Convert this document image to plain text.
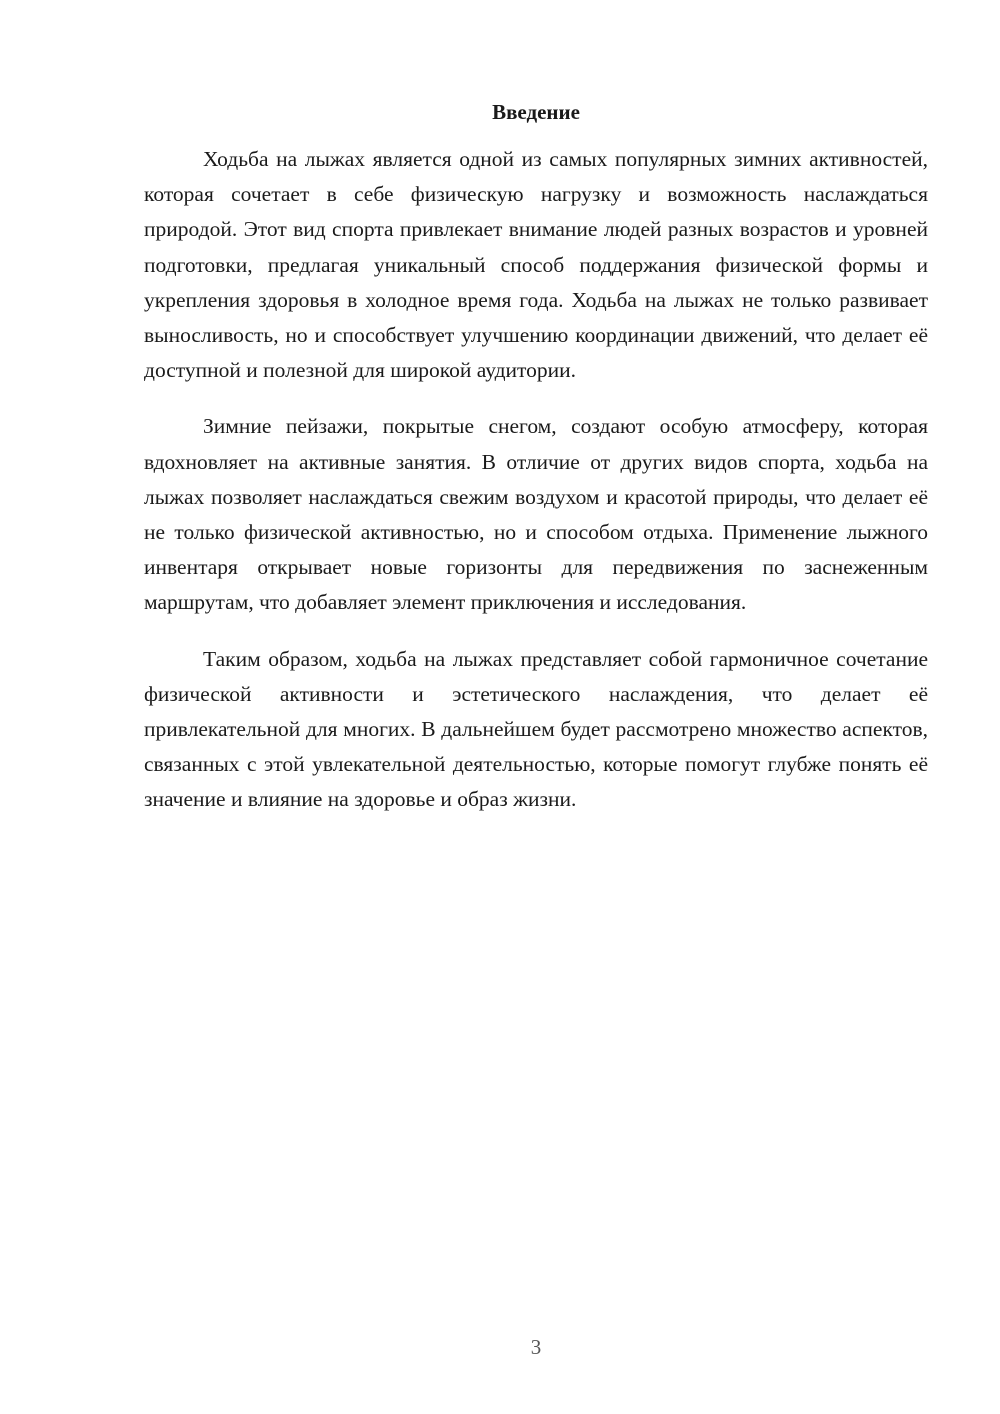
Введение

Ходьба на лыжах является одной из самых популярных зимних активностей, которая сочетает в себе физическую нагрузку и возможность наслаждаться природой. Этот вид спорта привлекает внимание людей разных возрастов и уровней подготовки, предлагая уникальный способ поддержания физической формы и укрепления здоровья в холодное время года. Ходьба на лыжах не только развивает выносливость, но и способствует улучшению координации движений, что делает её доступной и полезной для широкой аудитории.

Зимние пейзажи, покрытые снегом, создают особую атмосферу, которая вдохновляет на активные занятия. В отличие от других видов спорта, ходьба на лыжах позволяет наслаждаться свежим воздухом и красотой природы, что делает её не только физической активностью, но и способом отдыха. Применение лыжного инвентаря открывает новые горизонты для передвижения по заснеженным маршрутам, что добавляет элемент приключения и исследования.

Таким образом, ходьба на лыжах представляет собой гармоничное сочетание физической активности и эстетического наслаждения, что делает её привлекательной для многих. В дальнейшем будет рассмотрено множество аспектов, связанных с этой увлекательной деятельностью, которые помогут глубже понять её значение и влияние на здоровье и образ жизни.

3
